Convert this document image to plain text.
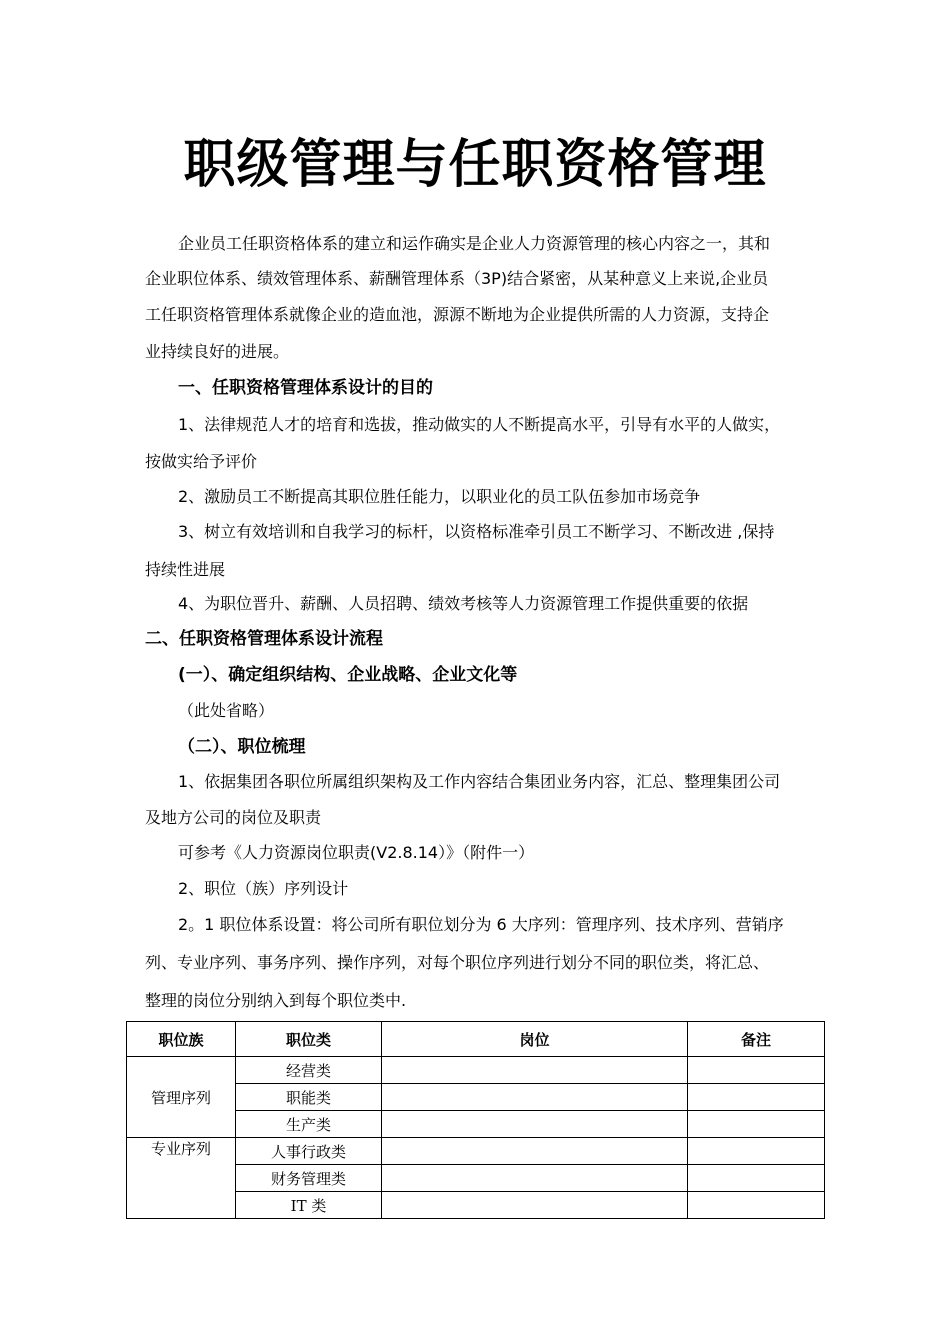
职级管理与任职资格管理
企业员工任职资格体系的建立和运作确实是企业人力资源管理的核心内容之一，其和
企业职位体系、绩效管理体系、薪酬管理体系（3P)结合紧密，从某种意义上来说,企业员
工任职资格管理体系就像企业的造血池，源源不断地为企业提供所需的人力资源，支持企
业持续良好的进展。
一、任职资格管理体系设计的目的
1、法律规范人才的培育和选拔，推动做实的人不断提高水平，引导有水平的人做实，
按做实给予评价
2、激励员工不断提高其职位胜任能力，以职业化的员工队伍参加市场竞争
3、树立有效培训和自我学习的标杆，以资格标准牵引员工不断学习、不断改进 ,保持
持续性进展
4、为职位晋升、薪酬、人员招聘、绩效考核等人力资源管理工作提供重要的依据
二、任职资格管理体系设计流程
(一）、确定组织结构、企业战略、企业文化等
（此处省略）
（二）、职位梳理
1、依据集团各职位所属组织架构及工作内容结合集团业务内容，汇总、整理集团公司
及地方公司的岗位及职责
可参考《人力资源岗位职责(V2.8.14）》（附件一）
2、职位（族）序列设计
2。1 职位体系设置：将公司所有职位划分为 6 大序列：管理序列、技术序列、营销序
列、专业序列、事务序列、操作序列，对每个职位序列进行划分不同的职位类，将汇总、
整理的岗位分别纳入到每个职位类中.
职位族	职位类	岗位	备注
管理序列	经营类		
	职能类		
	生产类		
专业序列	人事行政类		
	财务管理类		
	IT 类		
